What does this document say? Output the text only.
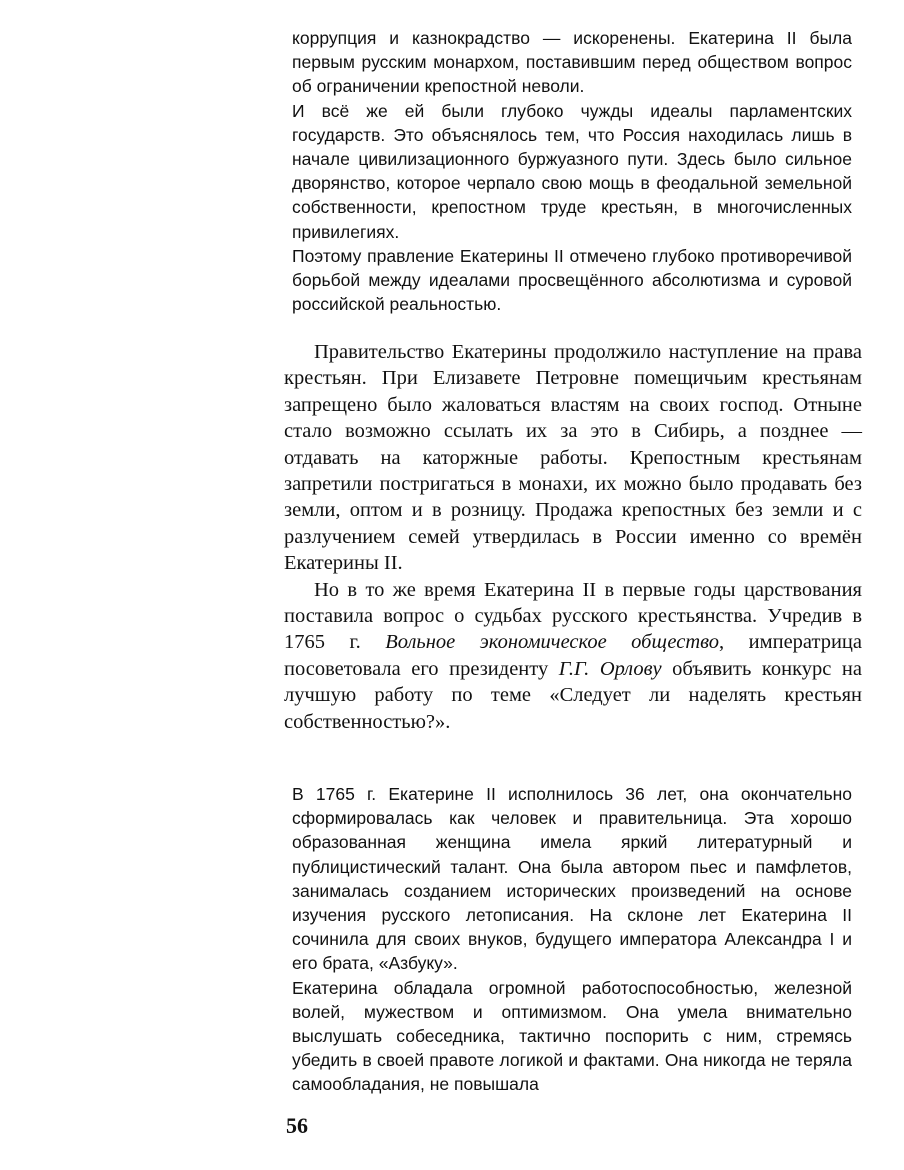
коррупция и казнокрадство — искоренены. Екатерина II была первым русским монархом, поставившим перед обществом вопрос об ограничении крепостной неволи.

И всё же ей были глубоко чужды идеалы парламентских государств. Это объяснялось тем, что Россия находилась лишь в начале цивилизационного буржуазного пути. Здесь было сильное дворянство, которое черпало свою мощь в феодальной земельной собственности, крепостном труде крестьян, в многочисленных привилегиях.

Поэтому правление Екатерины II отмечено глубоко противоречивой борьбой между идеалами просвещённого абсолютизма и суровой российской реальностью.

Правительство Екатерины продолжило наступление на права крестьян. При Елизавете Петровне помещичьим крестьянам запрещено было жаловаться властям на своих господ. Отныне стало возможно ссылать их за это в Сибирь, а позднее — отдавать на каторжные работы. Крепостным крестьянам запретили постригаться в монахи, их можно было продавать без земли, оптом и в розницу. Продажа крепостных без земли и с разлучением семей утвердилась в России именно со времён Екатерины II.

Но в то же время Екатерина II в первые годы царствования поставила вопрос о судьбах русского крестьянства. Учредив в 1765 г. Вольное экономическое общество, императрица посоветовала его президенту Г.Г. Орлову объявить конкурс на лучшую работу по теме «Следует ли наделять крестьян собственностью?».

В 1765 г. Екатерине II исполнилось 36 лет, она окончательно сформировалась как человек и правительница. Эта хорошо образованная женщина имела яркий литературный и публицистический талант. Она была автором пьес и памфлетов, занималась созданием исторических произведений на основе изучения русского летописания. На склоне лет Екатерина II сочинила для своих внуков, будущего императора Александра I и его брата, «Азбуку».

Екатерина обладала огромной работоспособностью, железной волей, мужеством и оптимизмом. Она умела внимательно выслушать собеседника, тактично поспорить с ним, стремясь убедить в своей правоте логикой и фактами. Она никогда не теряла самообладания, не повышала

56
